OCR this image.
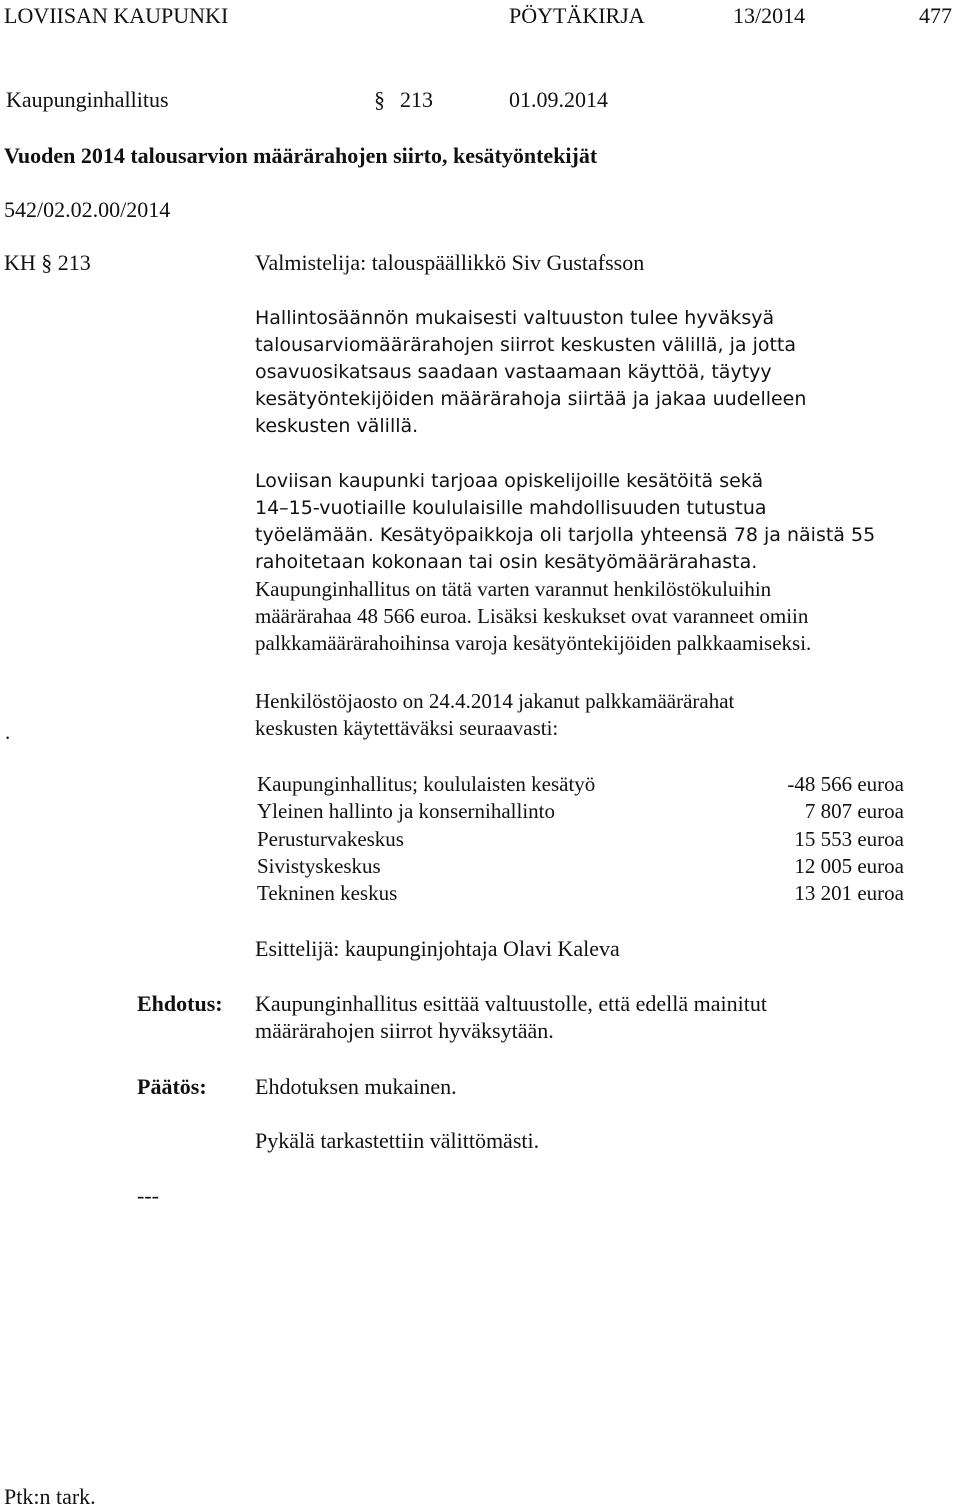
LOVIISAN KAUPUNKI	PÖYTÄKIRJA	13/2014	477
Kaupunginhallitus	§ 213	01.09.2014
Vuoden 2014 talousarvion määrärahojen siirto, kesätyöntekijät
542/02.02.00/2014
KH § 213	Valmistelija: talouspäällikkö Siv Gustafsson
Hallintosäännön mukaisesti valtuuston tulee hyväksyä
talousarviomäärärahojen siirrot keskusten välillä, ja jotta
osavuosikatsaus saadaan vastaamaan käyttöä, täytyy
kesätyöntekijöiden määrärahoja siirtää ja jakaa uudelleen
keskusten välillä.
Loviisan kaupunki tarjoaa opiskelijoille kesätöitä sekä
14–15-vuotiaille koululaisille mahdollisuuden tutustua
työelämään. Kesätyöpaikkoja oli tarjolla yhteensä 78 ja näistä 55
rahoitetaan kokonaan tai osin kesätyömäärärahasta.
Kaupunginhallitus on tätä varten varannut henkilöstökuluihin
määrärahaa 48 566 euroa. Lisäksi keskukset ovat varanneet omiin
palkkamäärärahoihinsa varoja kesätyöntekijöiden palkkaamiseksi.
Henkilöstöjaosto on 24.4.2014 jakanut palkkamäärärahat
keskusten käytettäväksi seuraavasti:
.
Kaupunginhallitus; koululaisten kesätyö	-48 566 euroa
Yleinen hallinto ja konsernihallinto	7 807 euroa
Perusturvakeskus	15 553 euroa
Sivistyskeskus	12 005 euroa
Tekninen keskus	13 201 euroa
Esittelijä: kaupunginjohtaja Olavi Kaleva
Ehdotus: Kaupunginhallitus esittää valtuustolle, että edellä mainitut
määrärahojen siirrot hyväksytään.
Päätös: Ehdotuksen mukainen.
Pykälä tarkastettiin välittömästi.
---
Ptk:n tark.
